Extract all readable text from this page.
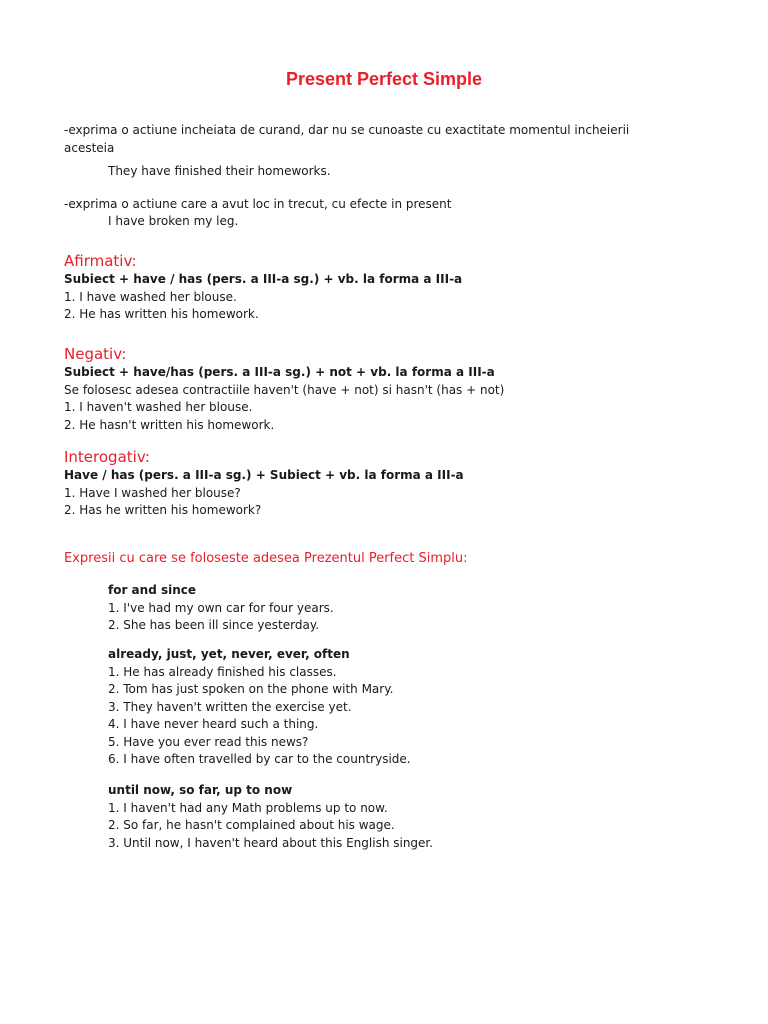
Present Perfect Simple
-exprima o actiune incheiata de curand, dar nu se cunoaste cu exactitate momentul incheierii
acesteia
They have finished their homeworks.
-exprima o actiune care a avut loc in trecut, cu efecte in present
I have broken my leg.
Afirmativ:
Subiect + have / has (pers. a III-a sg.) + vb. la forma a III-a
1. I have washed her blouse.
2. He has written his homework.
Negativ:
Subiect + have/has (pers. a III-a sg.) + not + vb. la forma a III-a
Se folosesc adesea contractiile haven't (have + not) si hasn't (has + not)
1. I haven't washed her blouse.
2. He hasn't written his homework.
Interogativ:
Have / has (pers. a III-a sg.) + Subiect + vb. la forma a III-a
1. Have I washed her blouse?
2. Has he written his homework?
Expresii cu care se foloseste adesea Prezentul Perfect Simplu:
for and since
1. I've had my own car for four years.
2. She has been ill since yesterday.
already, just, yet, never, ever, often
1. He has already finished his classes.
2. Tom has just spoken on the phone with Mary.
3. They haven't written the exercise yet.
4. I have never heard such a thing.
5. Have you ever read this news?
6. I have often travelled by car to the countryside.
until now, so far, up to now
1. I haven't had any Math problems up to now.
2. So far, he hasn't complained about his wage.
3. Until now, I haven't heard about this English singer.
